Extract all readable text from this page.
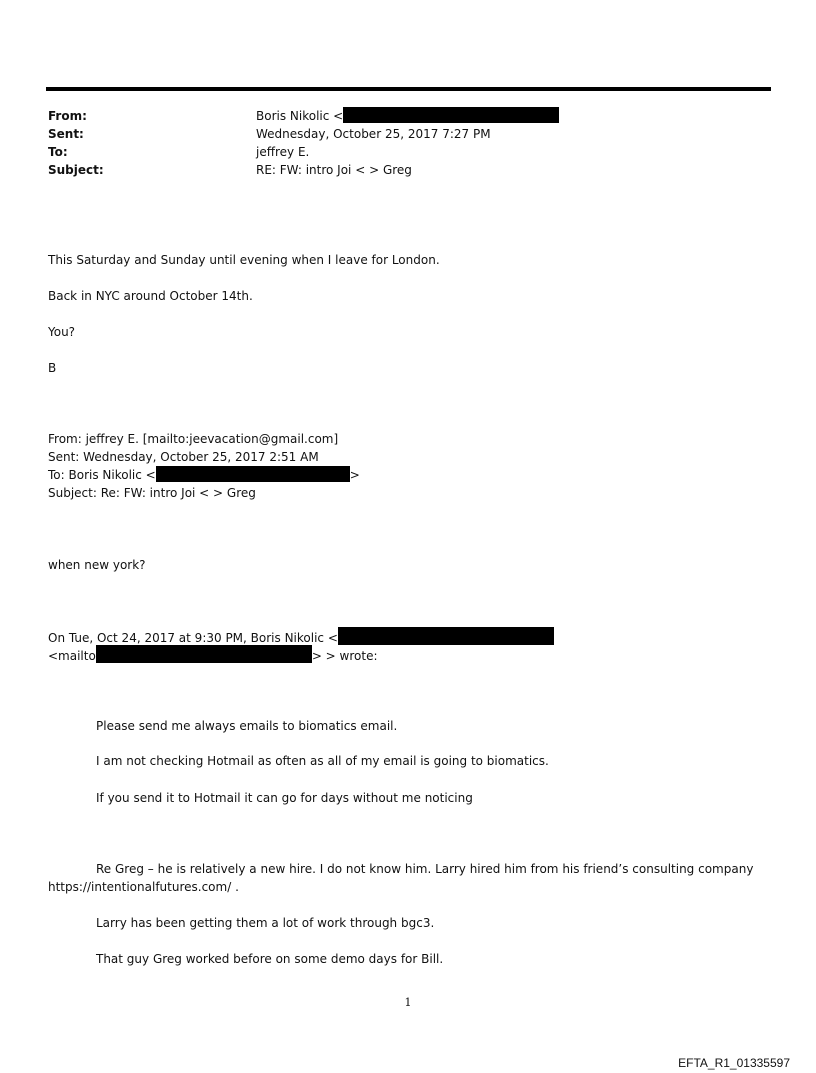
From:	Boris Nikolic <
Sent:	Wednesday, October 25, 2017 7:27 PM
To:	jeffrey E.
Subject:	RE: FW: intro Joi < > Greg
This Saturday and Sunday until evening when I leave for London.
Back in NYC around October 14th.
You?
B
From: jeffrey E. [mailto:jeevacation@gmail.com]
Sent: Wednesday, October 25, 2017 2:51 AM
To: Boris Nikolic <	>
Subject: Re: FW: intro Joi < > Greg
when new york?
On Tue, Oct 24, 2017 at 9:30 PM, Boris Nikolic <
<mailto	> > wrote:
Please send me always emails to biomatics email.
I am not checking Hotmail as often as all of my email is going to biomatics.
If you send it to Hotmail it can go for days without me noticing
Re Greg – he is relatively a new hire. I do not know him. Larry hired him from his friend’s consulting company
https://intentionalfutures.com/ .
Larry has been getting them a lot of work through bgc3.
That guy Greg worked before on some demo days for Bill.
1
EFTA_R1_01335597
